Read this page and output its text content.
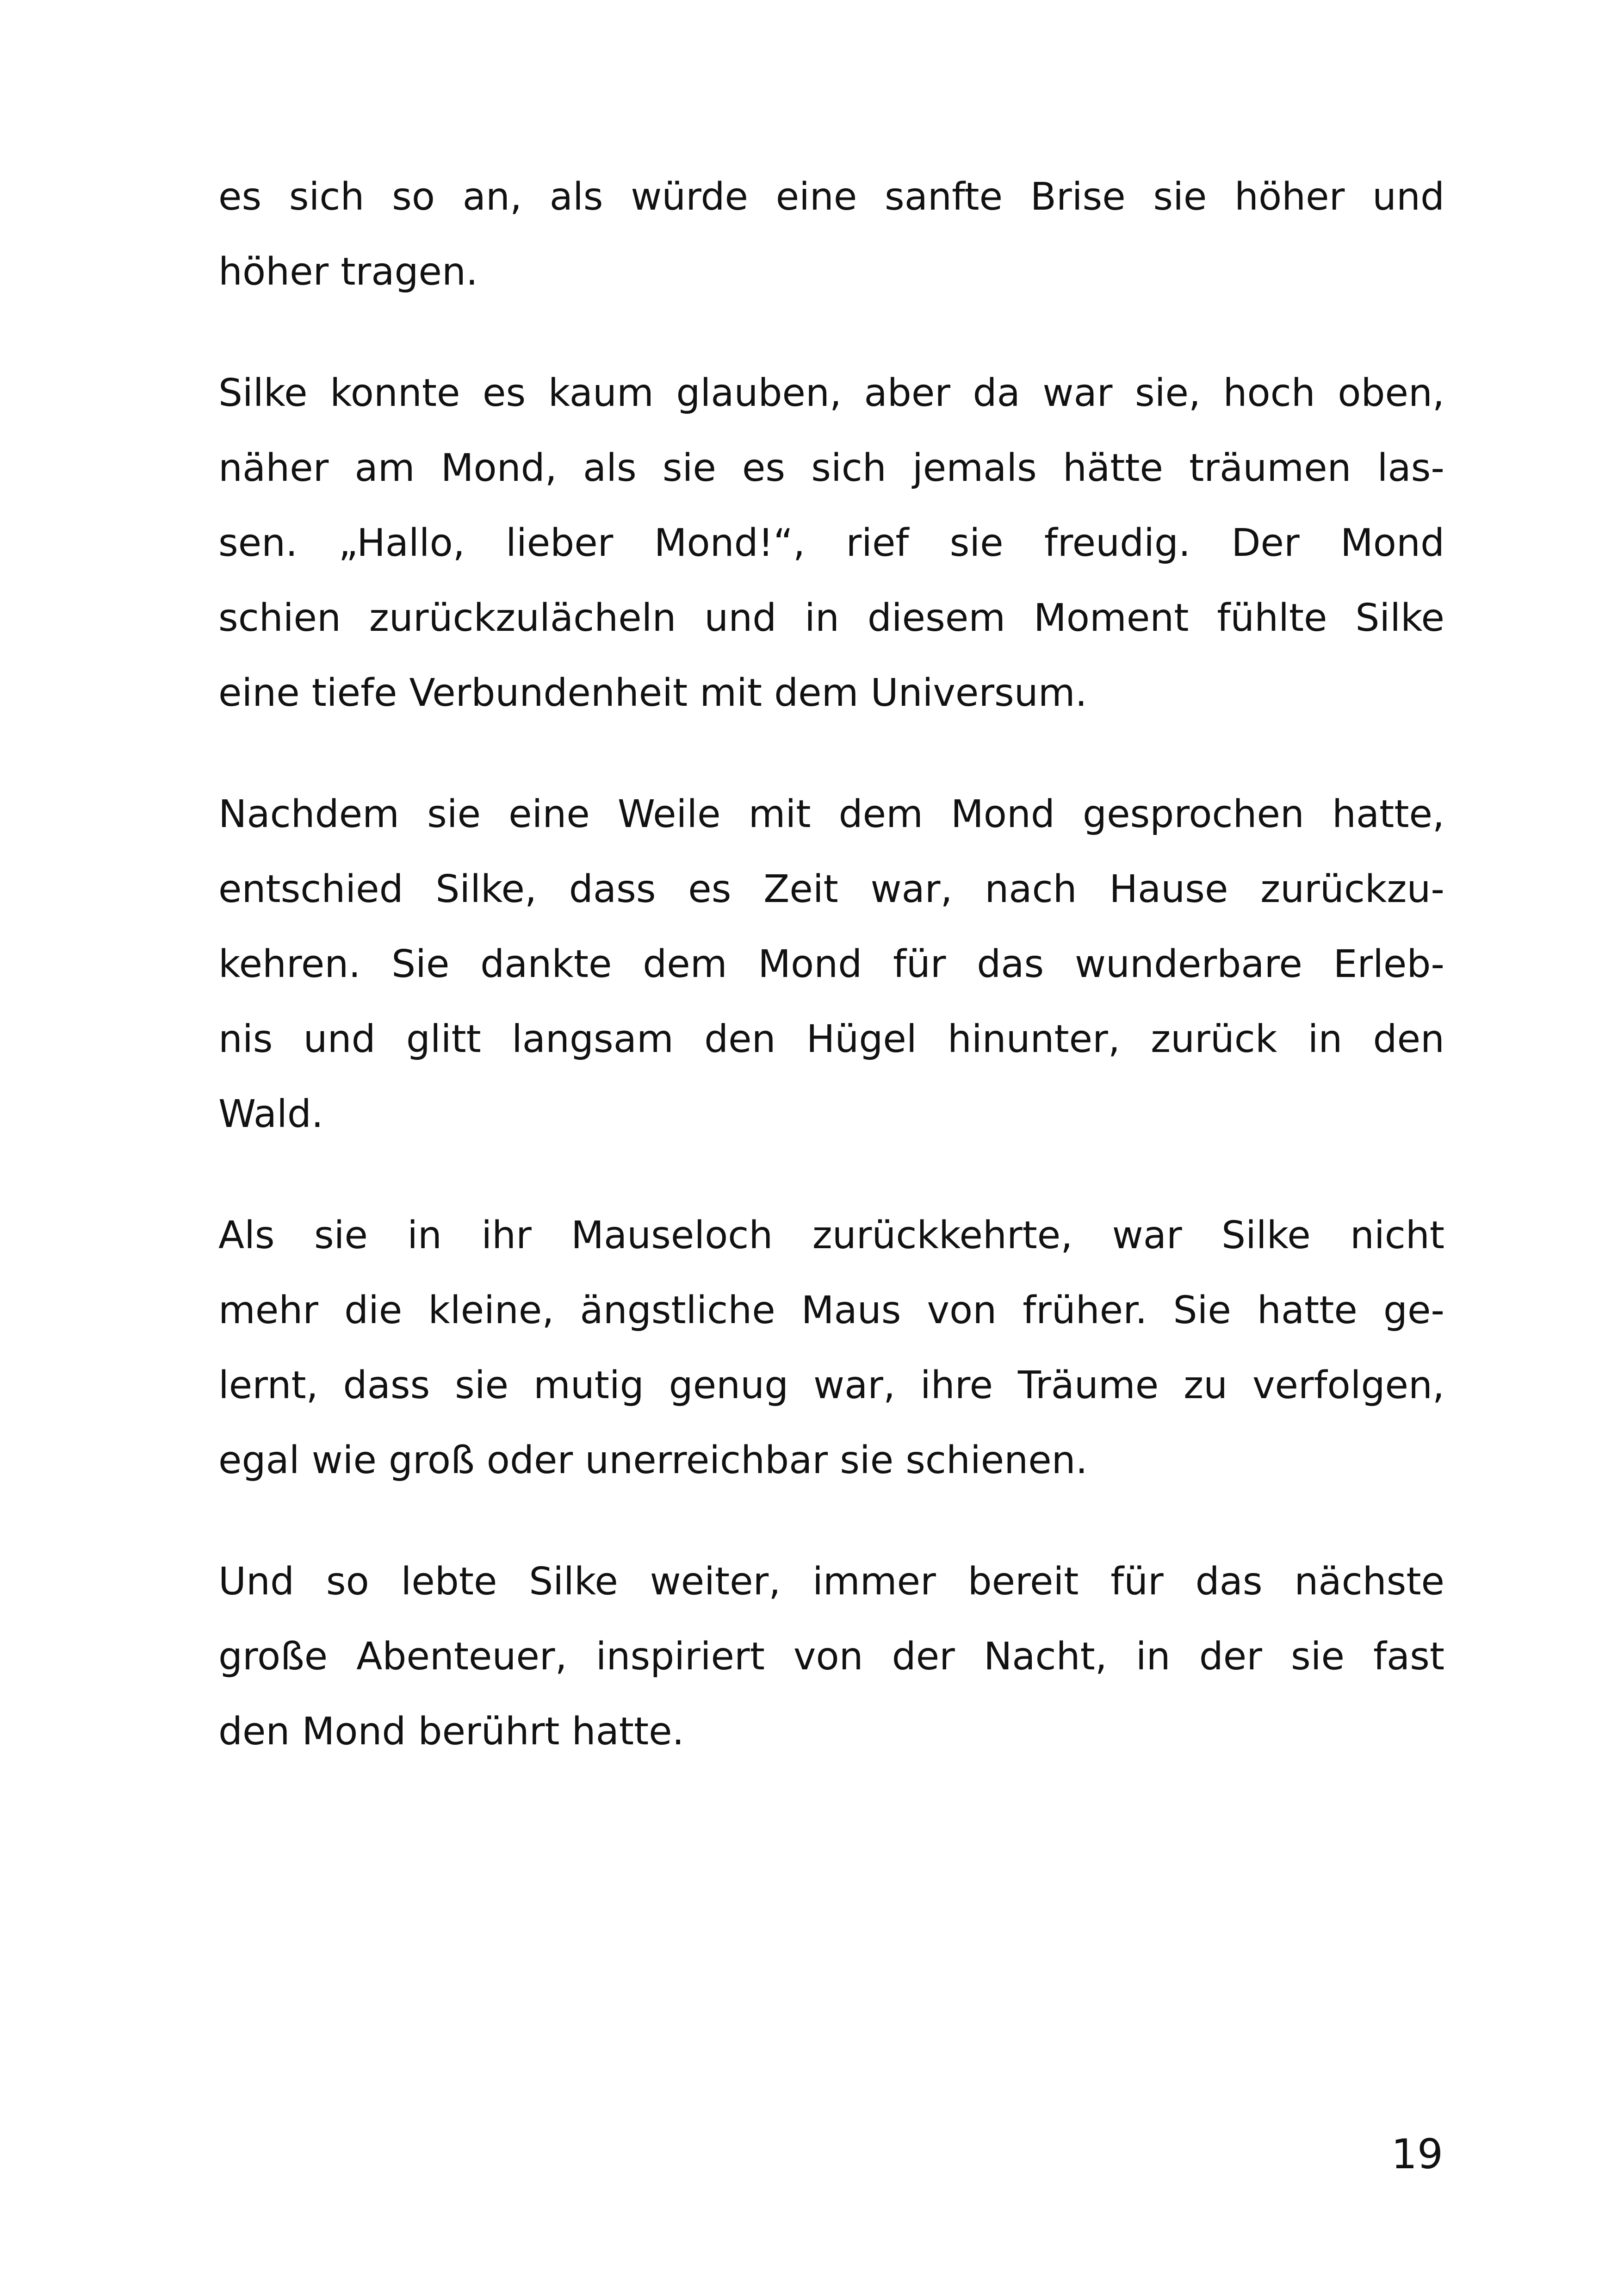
es sich so an, als würde eine sanfte Brise sie höher und
höher tragen.

Silke konnte es kaum glauben, aber da war sie, hoch oben,
näher am Mond, als sie es sich jemals hätte träumen las-
sen. „Hallo, lieber Mond!“, rief sie freudig. Der Mond
schien zurückzulächeln und in diesem Moment fühlte Silke
eine tiefe Verbundenheit mit dem Universum.

Nachdem sie eine Weile mit dem Mond gesprochen hatte,
entschied Silke, dass es Zeit war, nach Hause zurückzu-
kehren. Sie dankte dem Mond für das wunderbare Erleb-
nis und glitt langsam den Hügel hinunter, zurück in den
Wald.

Als sie in ihr Mauseloch zurückkehrte, war Silke nicht
mehr die kleine, ängstliche Maus von früher. Sie hatte ge-
lernt, dass sie mutig genug war, ihre Träume zu verfolgen,
egal wie groß oder unerreichbar sie schienen.

Und so lebte Silke weiter, immer bereit für das nächste
große Abenteuer, inspiriert von der Nacht, in der sie fast
den Mond berührt hatte.

19
